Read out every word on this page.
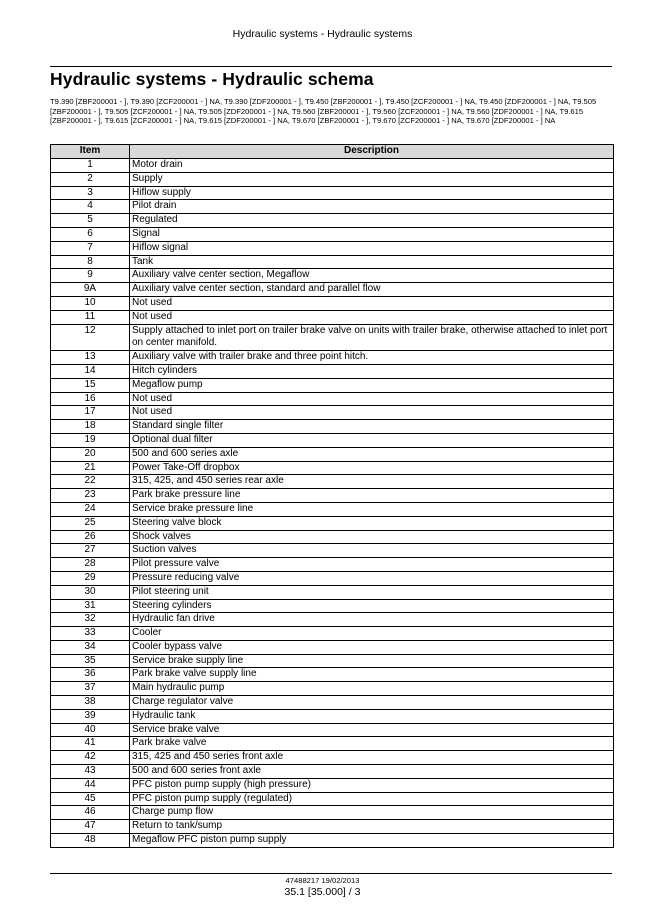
Hydraulic systems - Hydraulic systems
Hydraulic systems - Hydraulic schema
T9.390 [ZBF200001 - ], T9.390 [ZCF200001 - ] NA, T9.390 [ZDF200001 - ], T9.450 [ZBF200001 - ], T9.450 [ZCF200001 - ] NA, T9.450 [ZDF200001 - ] NA, T9.505 [ZBF200001 - ], T9.505 [ZCF200001 - ] NA, T9.505 [ZDF200001 - ] NA, T9.560 [ZBF200001 - ], T9.560 [ZCF200001 - ] NA, T9.560 [ZDF200001 - ] NA, T9.615 [ZBF200001 - ], T9.615 [ZCF200001 - ] NA, T9.615 [ZDF200001 - ] NA, T9.670 [ZBF200001 - ], T9.670 [ZCF200001 - ] NA, T9.670 [ZDF200001 - ] NA
Item	Description
1	Motor drain
2	Supply
3	Hiflow supply
4	Pilot drain
5	Regulated
6	Signal
7	Hiflow signal
8	Tank
9	Auxiliary valve center section, Megaflow
9A	Auxiliary valve center section, standard and parallel flow
10	Not used
11	Not used
12	Supply attached to inlet port on trailer brake valve on units with trailer brake, otherwise attached to inlet port on center manifold.
13	Auxiliary valve with trailer brake and three point hitch.
14	Hitch cylinders
15	Megaflow pump
16	Not used
17	Not used
18	Standard single filter
19	Optional dual filter
20	500 and 600 series axle
21	Power Take-Off dropbox
22	315, 425, and 450 series rear axle
23	Park brake pressure line
24	Service brake pressure line
25	Steering valve block
26	Shock valves
27	Suction valves
28	Pilot pressure valve
29	Pressure reducing valve
30	Pilot steering unit
31	Steering cylinders
32	Hydraulic fan drive
33	Cooler
34	Cooler bypass valve
35	Service brake supply line
36	Park brake valve supply line
37	Main hydraulic pump
38	Charge regulator valve
39	Hydraulic tank
40	Service brake valve
41	Park brake valve
42	315, 425 and 450 series front axle
43	500 and 600 series front axle
44	PFC piston pump supply (high pressure)
45	PFC piston pump supply (regulated)
46	Charge pump flow
47	Return to tank/sump
48	Megaflow PFC piston pump supply
47488217 19/02/2013
35.1 [35.000] / 3
